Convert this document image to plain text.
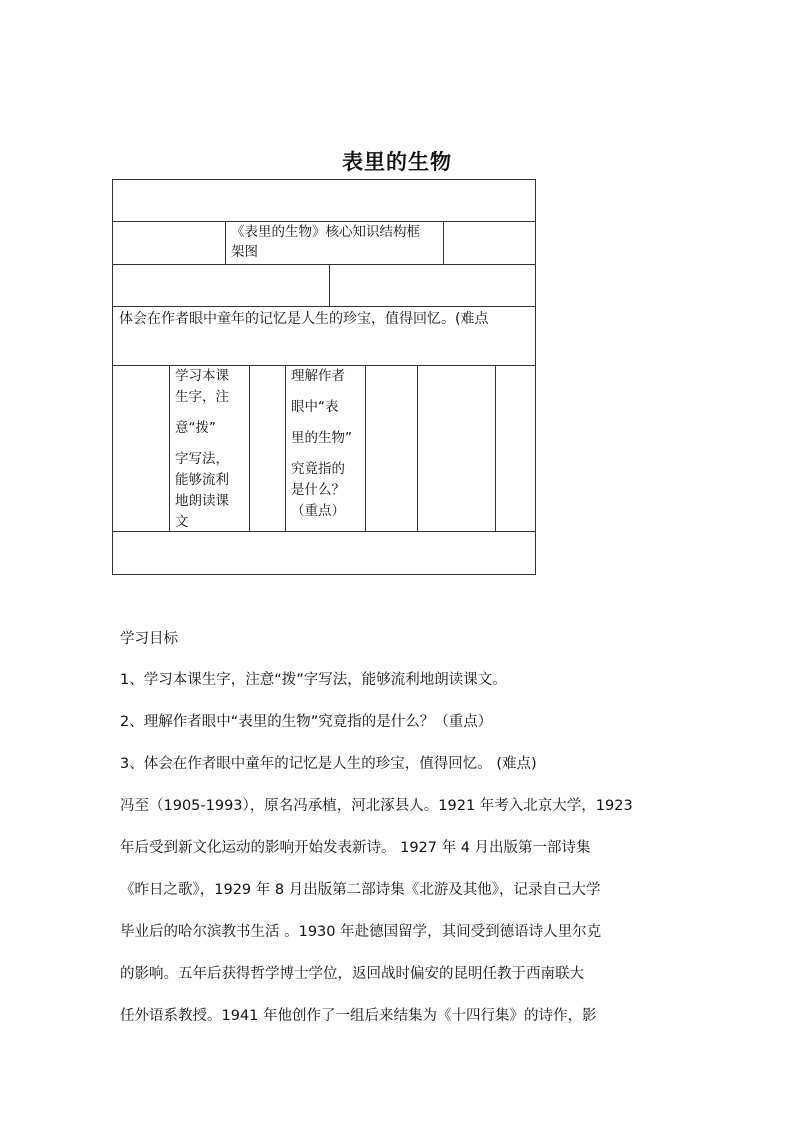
表里的生物
《表里的生物》核心知识结构框
架图
体会在作者眼中童年的记忆是人生的珍宝，值得回忆。(难点
学习本课
生字，注
意“拨”
字写法，
能够流利
地朗读课
文
理解作者
眼中“表
里的生物”
究竟指的
是什么？
（重点）
学习目标
1、学习本课生字，注意“拨”字写法，能够流利地朗读课文。
2、理解作者眼中“表里的生物”究竟指的是什么？（重点）
3、体会在作者眼中童年的记忆是人生的珍宝，值得回忆。 (难点)
冯至（1905-1993），原名冯承植，河北涿县人。1921 年考入北京大学，1923
年后受到新文化运动的影响开始发表新诗。 1927 年 4 月出版第一部诗集
《昨日之歌》，1929 年 8 月出版第二部诗集《北游及其他》，记录自己大学
毕业后的哈尔滨教书生活 。1930 年赴德国留学，其间受到德语诗人里尔克
的影响。五年后获得哲学博士学位，返回战时偏安的昆明任教于西南联大
任外语系教授。1941 年他创作了一组后来结集为《十四行集》的诗作，影
